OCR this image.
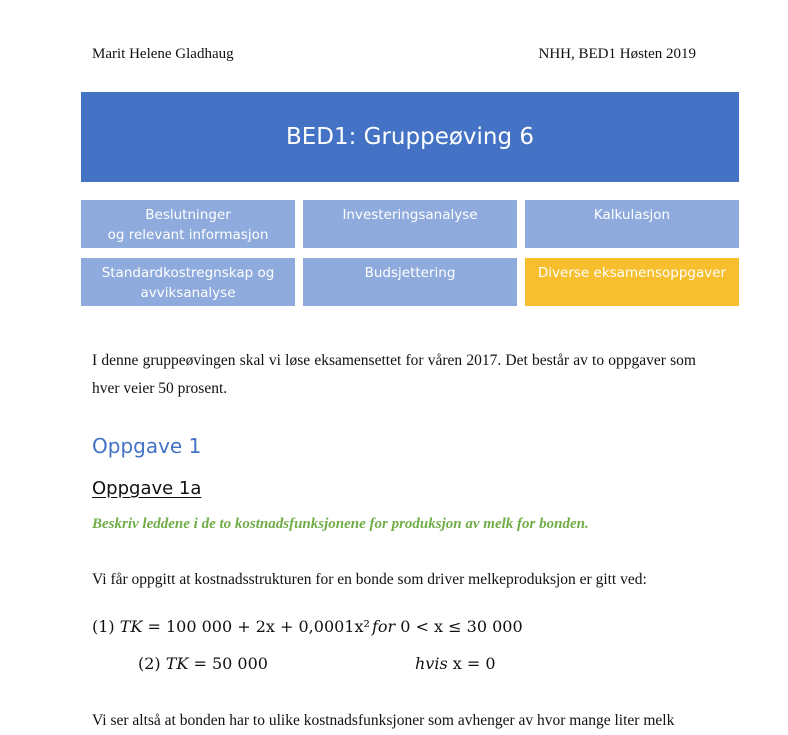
Marit Helene Gladhaug	NHH, BED1 Høsten 2019
BED1: Gruppeøving 6
Beslutninger
og relevant informasjon
Investeringsanalyse	Kalkulasjon
Standardkostregnskap og
avviksanalyse
Budsjettering	Diverse eksamensoppgaver
I denne gruppeøvingen skal vi løse eksamensettet for våren 2017. Det består av to oppgaver som hver veier 50 prosent.
Oppgave 1
Oppgave 1a
Beskriv leddene i de to kostnadsfunksjonene for produksjon av melk for bonden.
Vi får oppgitt at kostnadsstrukturen for en bonde som driver melkeproduksjon er gitt ved:
(1) TK = 100 000 + 2x + 0,0001x² for 0 < x ≤ 30 000
(2) TK = 50 000	hvis x = 0
Vi ser altså at bonden har to ulike kostnadsfunksjoner som avhenger av hvor mange liter melk
